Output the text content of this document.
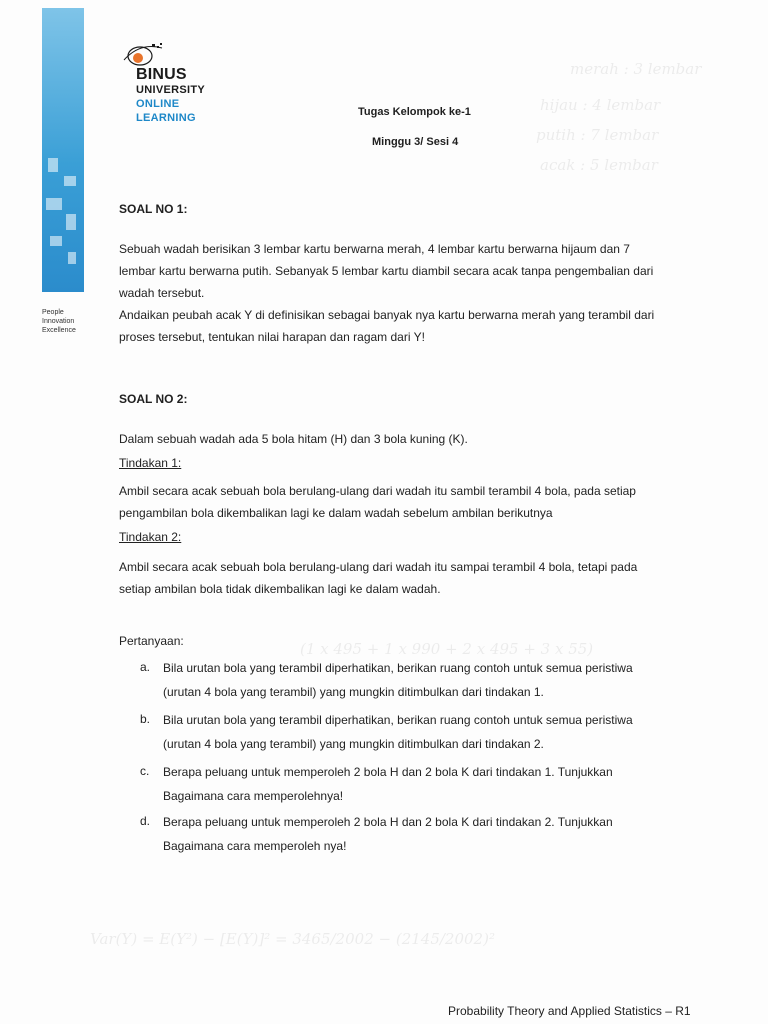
People
Innovation
Excellence
BINUS
UNIVERSITY
ONLINE
LEARNING	Tugas Kelompok ke-1
Minggu 3/ Sesi 4
merah : 3 lembar
hijau : 4 lembar
putih : 7 lembar
acak : 5 lembar
(1 x 495 + 1 x 990 + 2 x 495 + 3 x 55)
Var(Y) = E(Y²) − [E(Y)]² = 3465/2002 − (2145/2002)²
SOAL NO 1:
Sebuah wadah berisikan 3 lembar kartu berwarna merah, 4 lembar kartu berwarna hijaum dan 7
lembar kartu berwarna putih. Sebanyak 5 lembar kartu diambil secara acak tanpa pengembalian dari
wadah tersebut.
Andaikan peubah acak Y di definisikan sebagai banyak nya kartu berwarna merah yang terambil dari
proses tersebut, tentukan nilai harapan dan ragam dari Y!
SOAL NO 2:
Dalam sebuah wadah ada 5 bola hitam (H) dan 3 bola kuning (K).
Tindakan 1:
Ambil secara acak sebuah bola berulang-ulang dari wadah itu sambil terambil 4 bola, pada setiap
pengambilan bola dikembalikan lagi ke dalam wadah sebelum ambilan berikutnya
Tindakan 2:
Ambil secara acak sebuah bola berulang-ulang dari wadah itu sampai terambil 4 bola, tetapi pada
setiap ambilan bola tidak dikembalikan lagi ke dalam wadah.
Pertanyaan:
a. Bila urutan bola yang terambil diperhatikan, berikan ruang contoh untuk semua peristiwa
(urutan 4 bola yang terambil) yang mungkin ditimbulkan dari tindakan 1.
b. Bila urutan bola yang terambil diperhatikan, berikan ruang contoh untuk semua peristiwa
(urutan 4 bola yang terambil) yang mungkin ditimbulkan dari tindakan 2.
c. Berapa peluang untuk memperoleh 2 bola H dan 2 bola K dari tindakan 1. Tunjukkan
Bagaimana cara memperolehnya!
d. Berapa peluang untuk memperoleh 2 bola H dan 2 bola K dari tindakan 2. Tunjukkan
Bagaimana cara memperoleh nya!
Probability Theory and Applied Statistics – R1
